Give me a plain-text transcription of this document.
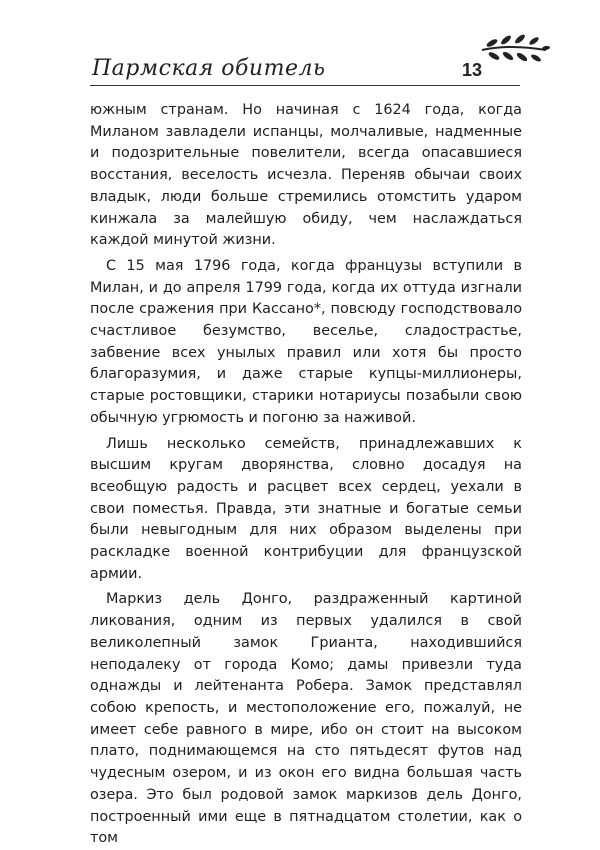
Пармская обитель	13

южным странам. Но начиная с 1624 года, когда Миланом завладели испанцы, молчаливые, надменные и подозрительные повелители, всегда опасавшиеся восстания, веселость исчезла. Переняв обычаи своих владык, люди больше стремились отомстить ударом кинжала за малейшую обиду, чем наслаждаться каждой минутой жизни.

С 15 мая 1796 года, когда французы вступили в Милан, и до апреля 1799 года, когда их оттуда изгнали после сражения при Кассано*, повсюду господствовало счастливое безумство, веселье, сладострастье, забвение всех унылых правил или хотя бы просто благоразумия, и даже старые купцы-миллионеры, старые ростовщики, старики нотариусы позабыли свою обычную угрюмость и погоню за наживой.

Лишь несколько семейств, принадлежавших к высшим кругам дворянства, словно досадуя на всеобщую радость и расцвет всех сердец, уехали в свои поместья. Правда, эти знатные и богатые семьи были невыгодным для них образом выделены при раскладке военной контрибуции для французской армии.

Маркиз дель Донго, раздраженный картиной ликования, одним из первых удалился в свой великолепный замок Грианта, находившийся неподалеку от города Комо; дамы привезли туда однажды и лейтенанта Робера. Замок представлял собою крепость, и местоположение его, пожалуй, не имеет себе равного в мире, ибо он стоит на высоком плато, поднимающемся на сто пятьдесят футов над чудесным озером, и из окон его видна большая часть озера. Это был родовой замок маркизов дель Донго, построенный ими еще в пятнадцатом столетии, как о том
